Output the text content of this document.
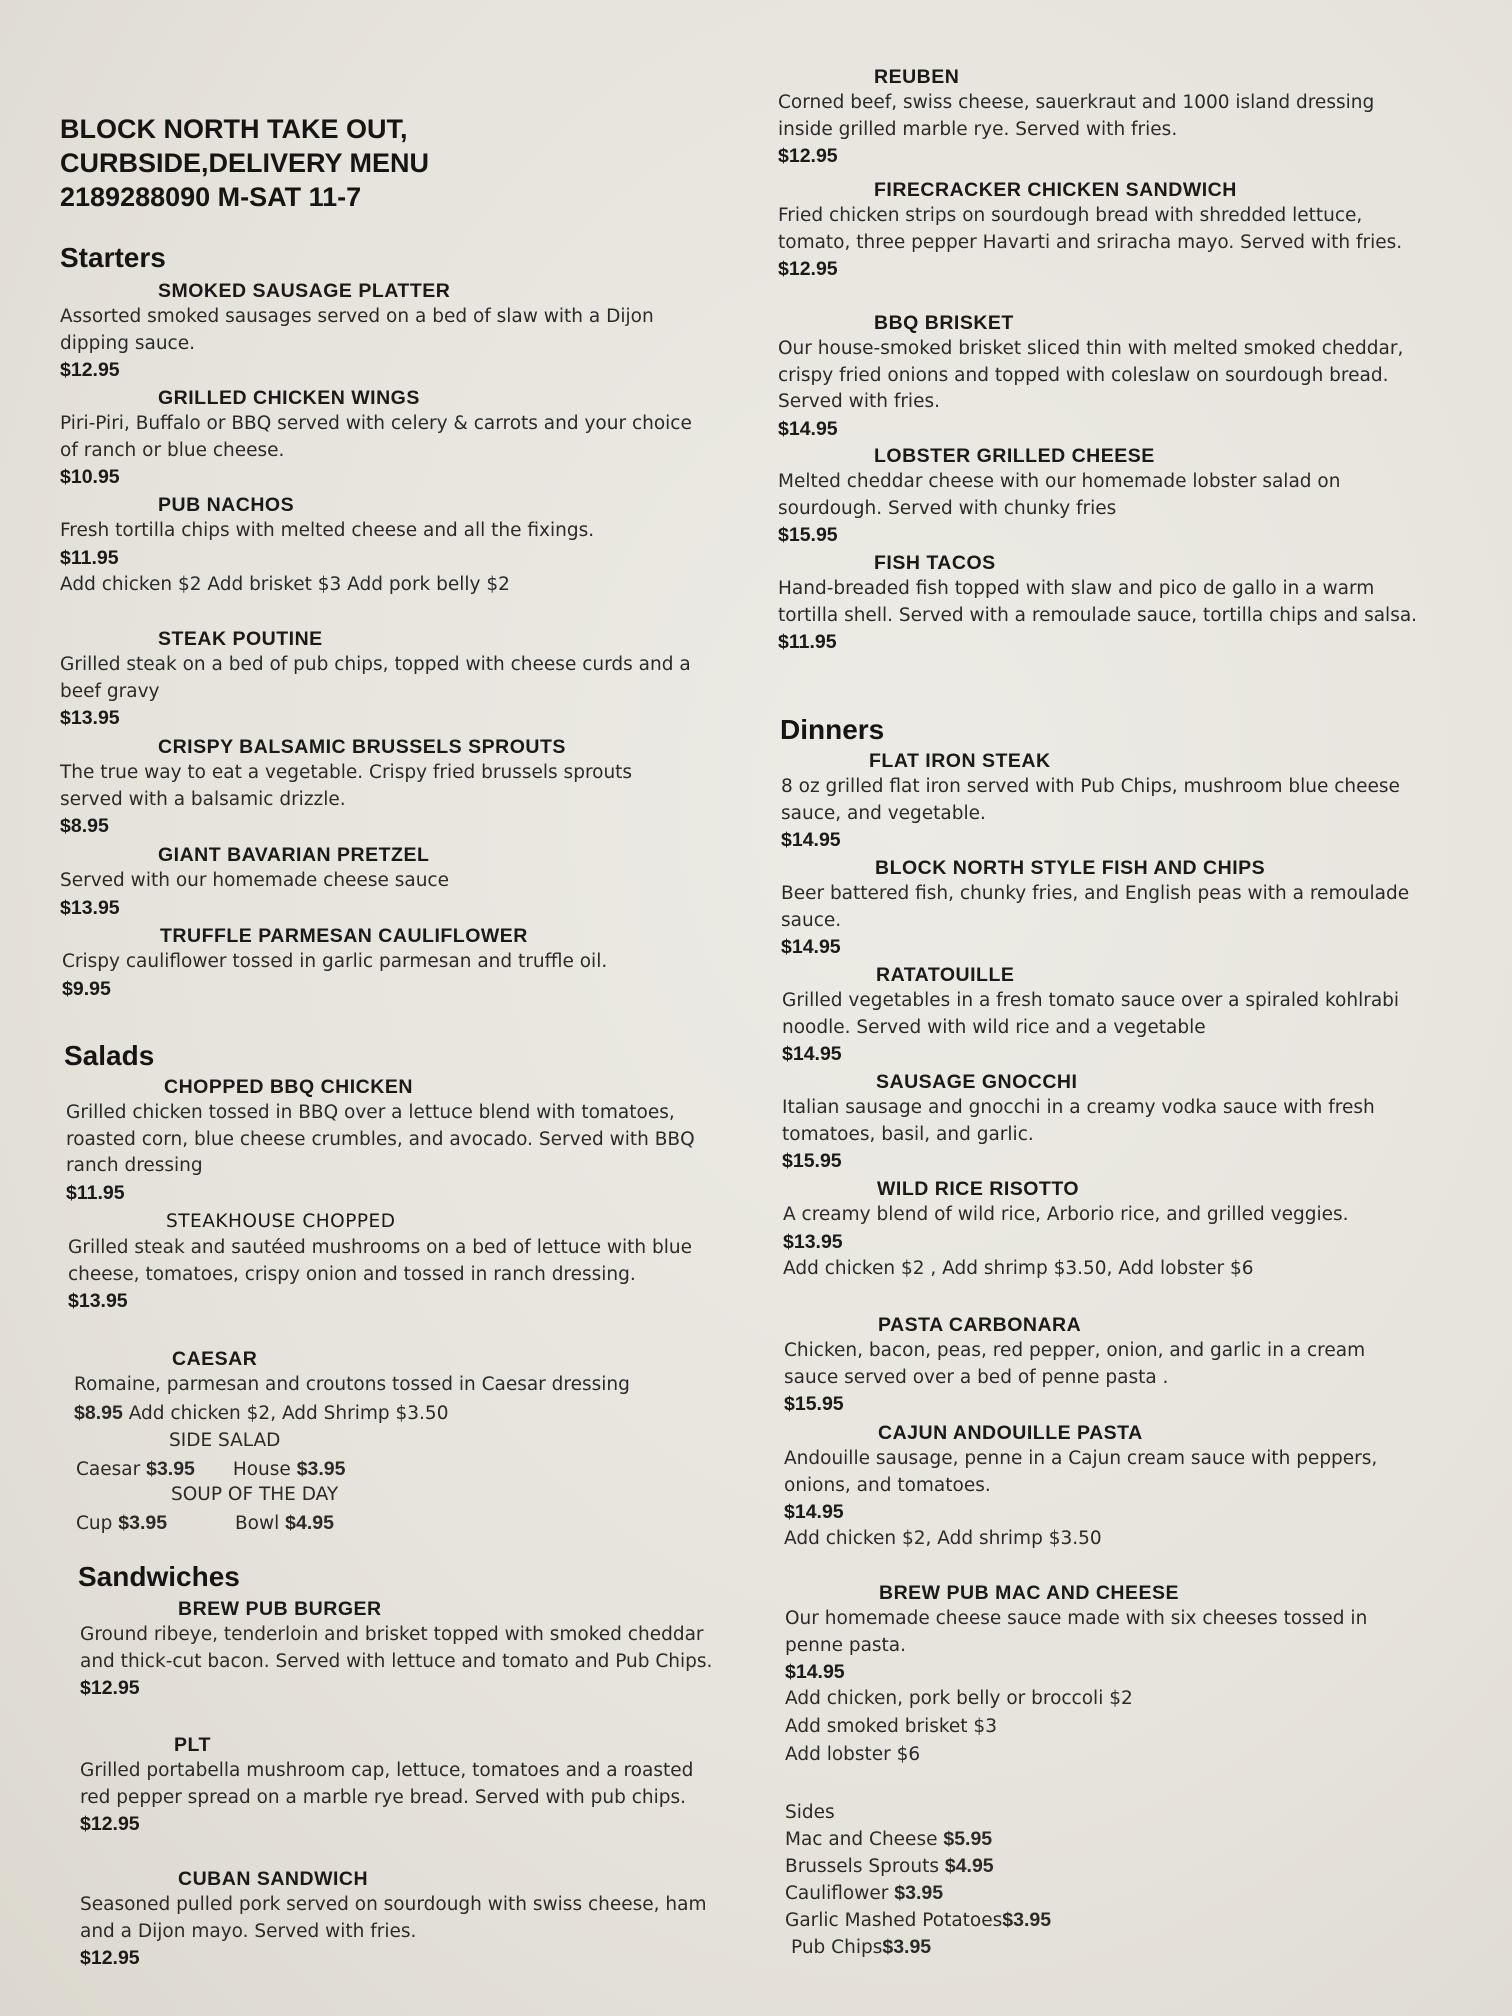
BLOCK NORTH TAKE OUT,
CURBSIDE,DELIVERY MENU
2189288090 M-SAT 11-7
Starters
SMOKED SAUSAGE PLATTER
Assorted smoked sausages served on a bed of slaw with a Dijon dipping sauce.
$12.95
GRILLED CHICKEN WINGS
Piri-Piri, Buffalo or BBQ served with celery & carrots and your choice of ranch or blue cheese.
$10.95
PUB NACHOS
Fresh tortilla chips with melted cheese and all the fixings.
$11.95
Add chicken $2 Add brisket $3 Add pork belly $2
STEAK POUTINE
Grilled steak on a bed of pub chips, topped with cheese curds and a beef gravy
$13.95
CRISPY BALSAMIC BRUSSELS SPROUTS
The true way to eat a vegetable. Crispy fried brussels sprouts served with a balsamic drizzle.
$8.95
GIANT BAVARIAN PRETZEL
Served with our homemade cheese sauce
$13.95
TRUFFLE PARMESAN CAULIFLOWER
Crispy cauliflower tossed in garlic parmesan and truffle oil.
$9.95
Salads
CHOPPED BBQ CHICKEN
Grilled chicken tossed in BBQ over a lettuce blend with tomatoes, roasted corn, blue cheese crumbles, and avocado. Served with BBQ ranch dressing
$11.95
STEAKHOUSE CHOPPED
Grilled steak and sautéed mushrooms on a bed of lettuce with blue cheese, tomatoes, crispy onion and tossed in ranch dressing.
$13.95
CAESAR
Romaine, parmesan and croutons tossed in Caesar dressing
$8.95 Add chicken $2, Add Shrimp $3.50
SIDE SALAD
Caesar $3.95 House $3.95
SOUP OF THE DAY
Cup $3.95	Bowl $4.95
Sandwiches
BREW PUB BURGER
Ground ribeye, tenderloin and brisket topped with smoked cheddar and thick-cut bacon. Served with lettuce and tomato and Pub Chips.
$12.95
PLT
Grilled portabella mushroom cap, lettuce, tomatoes and a roasted red pepper spread on a marble rye bread. Served with pub chips.
$12.95
CUBAN SANDWICH
Seasoned pulled pork served on sourdough with swiss cheese, ham and a Dijon mayo. Served with fries.
$12.95
REUBEN
Corned beef, swiss cheese, sauerkraut and 1000 island dressing inside grilled marble rye. Served with fries.
$12.95
FIRECRACKER CHICKEN SANDWICH
Fried chicken strips on sourdough bread with shredded lettuce, tomato, three pepper Havarti and sriracha mayo. Served with fries.
$12.95
BBQ BRISKET
Our house-smoked brisket sliced thin with melted smoked cheddar, crispy fried onions and topped with coleslaw on sourdough bread. Served with fries.
$14.95
LOBSTER GRILLED CHEESE
Melted cheddar cheese with our homemade lobster salad on sourdough. Served with chunky fries
$15.95
FISH TACOS
Hand-breaded fish topped with slaw and pico de gallo in a warm tortilla shell. Served with a remoulade sauce, tortilla chips and salsa.
$11.95
Dinners
FLAT IRON STEAK
8 oz grilled flat iron served with Pub Chips, mushroom blue cheese sauce, and vegetable.
$14.95
BLOCK NORTH STYLE FISH AND CHIPS
Beer battered fish, chunky fries, and English peas with a remoulade sauce.
$14.95
RATATOUILLE
Grilled vegetables in a fresh tomato sauce over a spiraled kohlrabi noodle. Served with wild rice and a vegetable
$14.95
SAUSAGE GNOCCHI
Italian sausage and gnocchi in a creamy vodka sauce with fresh tomatoes, basil, and garlic.
$15.95
WILD RICE RISOTTO
A creamy blend of wild rice, Arborio rice, and grilled veggies.
$13.95
Add chicken $2 , Add shrimp $3.50, Add lobster $6
PASTA CARBONARA
Chicken, bacon, peas, red pepper, onion, and garlic in a cream sauce served over a bed of penne pasta .
$15.95
CAJUN ANDOUILLE PASTA
Andouille sausage, penne in a Cajun cream sauce with peppers, onions, and tomatoes.
$14.95
Add chicken $2, Add shrimp $3.50
BREW PUB MAC AND CHEESE
Our homemade cheese sauce made with six cheeses tossed in penne pasta.
$14.95
Add chicken, pork belly or broccoli $2
Add smoked brisket $3
Add lobster $6
Sides
Mac and Cheese $5.95
Brussels Sprouts $4.95
Cauliflower $3.95
Garlic Mashed Potatoes$3.95
Pub Chips$3.95
